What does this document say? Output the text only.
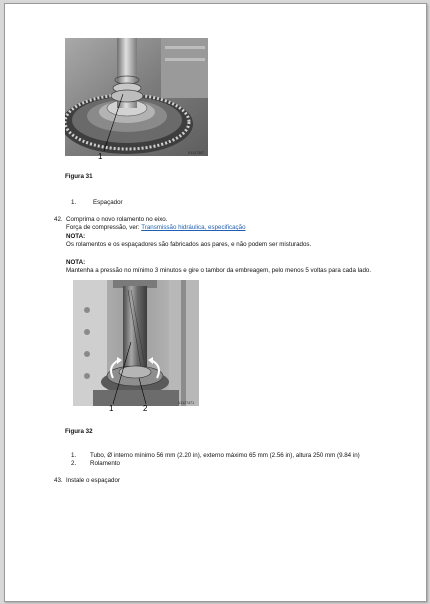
1	V1127307
Figura 31
1.	Espaçador
42. Comprima o novo rolamento no eixo.
Força de compressão, ver: Transmissão hidráulica, especificação
NOTA:
Os rolamentos e os espaçadores são fabricados aos pares, e não podem ser misturados.
NOTA:
Mantenha a pressão no mínimo 3 minutos e gire o tambor da embreagem, pelo menos 5 voltas para cada lado.
1	2
V1127471
Figura 32
1. Tubo, Ø interno mínimo 56 mm (2.20 in), externo máximo 65 mm (2.56 in), altura 250 mm (9.84 in)
2. Rolamento
43. Instale o espaçador
